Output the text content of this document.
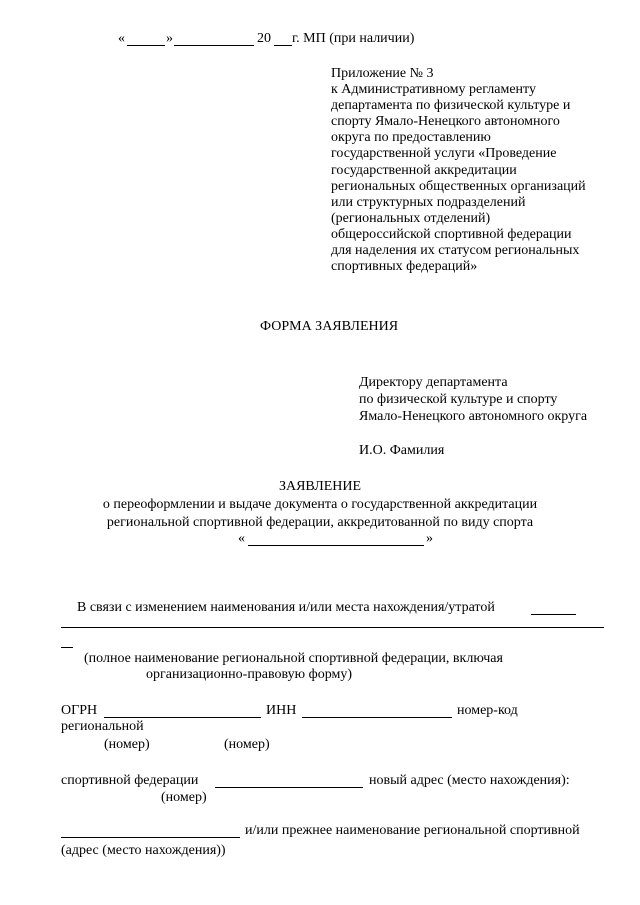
«	»	20 г. МП (при наличии)
Приложение № 3
к Административному регламенту
департамента по физической культуре и
спорту Ямало-Ненецкого автономного
округа по предоставлению
государственной услуги «Проведение
государственной аккредитации
региональных общественных организаций
или структурных подразделений
(региональных отделений)
общероссийской спортивной федерации
для наделения их статусом региональных
спортивных федераций»
ФОРМА ЗАЯВЛЕНИЯ
Директору департамента
по физической культуре и спорту
Ямало-Ненецкого автономного округа
И.О. Фамилия
ЗАЯВЛЕНИЕ
о переоформлении и выдаче документа о государственной аккредитации
региональной спортивной федерации, аккредитованной по виду спорта
«	»
В связи с изменением наименования и/или места нахождения/утратой
(полное наименование региональной спортивной федерации, включая
организационно-правовую форму)
ОГРН	ИНН	номер-код
региональной
(номер)	(номер)
спортивной федерации	новый адрес (место нахождения):
(номер)
и/или прежнее наименование региональной спортивной
(адрес (место нахождения))
